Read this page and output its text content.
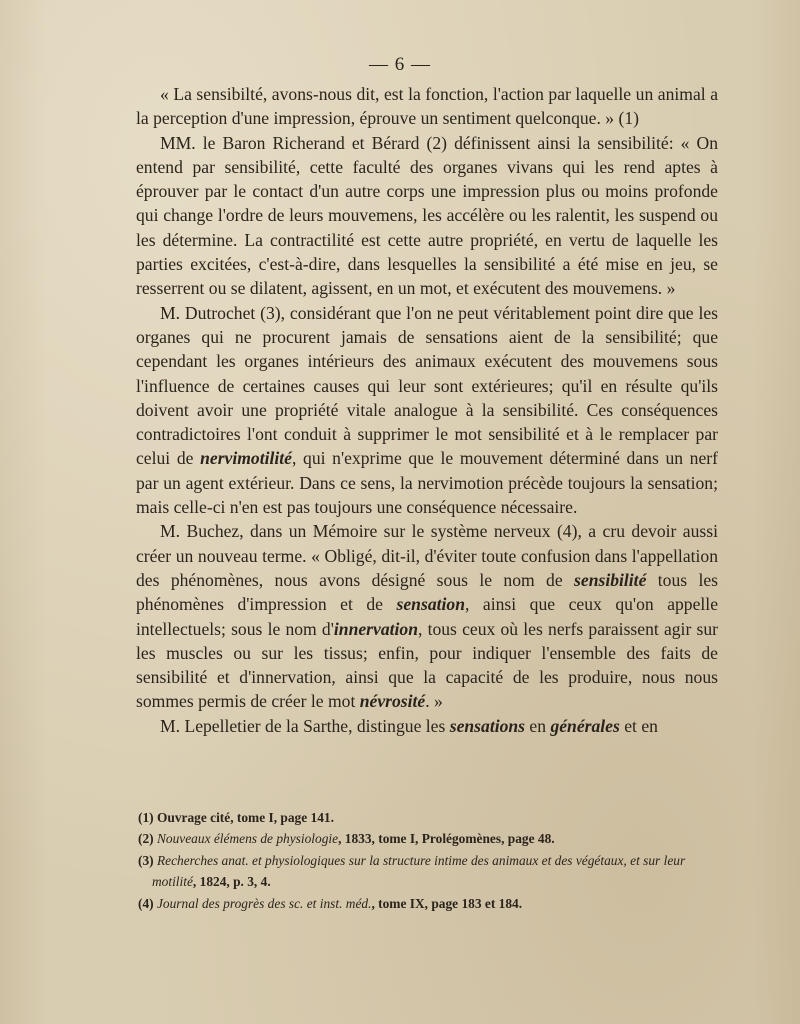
— 6 —

« La sensibilté, avons-nous dit, est la fonction, l'action par laquelle un animal a la perception d'une impression, éprouve un sentiment quelconque. » (1)

MM. le Baron Richerand et Bérard (2) définissent ainsi la sensibilité: « On entend par sensibilité, cette faculté des organes vivans qui les rend aptes à éprouver par le contact d'un autre corps une impression plus ou moins profonde qui change l'ordre de leurs mouvemens, les accélère ou les ralentit, les suspend ou les détermine. La contractilité est cette autre propriété, en vertu de laquelle les parties excitées, c'est-à-dire, dans lesquelles la sensibilité a été mise en jeu, se resserrent ou se dilatent, agissent, en un mot, et exécutent des mouvemens. »

M. Dutrochet (3), considérant que l'on ne peut véritablement point dire que les organes qui ne procurent jamais de sensations aient de la sensibilité; que cependant les organes intérieurs des animaux exécutent des mouvemens sous l'influence de certaines causes qui leur sont extérieures; qu'il en résulte qu'ils doivent avoir une propriété vitale analogue à la sensibilité. Ces conséquences contradictoires l'ont conduit à supprimer le mot sensibilité et à le remplacer par celui de nervimotilité, qui n'exprime que le mouvement déterminé dans un nerf par un agent extérieur. Dans ce sens, la nervimotion précède toujours la sensation; mais celle-ci n'en est pas toujours une conséquence nécessaire.

M. Buchez, dans un Mémoire sur le système nerveux (4), a cru devoir aussi créer un nouveau terme. « Obligé, dit-il, d'éviter toute confusion dans l'appellation des phénomènes, nous avons désigné sous le nom de sensibilité tous les phénomènes d'impression et de sensation, ainsi que ceux qu'on appelle intellectuels; sous le nom d'innervation, tous ceux où les nerfs paraissent agir sur les muscles ou sur les tissus; enfin, pour indiquer l'ensemble des faits de sensibilité et d'innervation, ainsi que la capacité de les produire, nous nous sommes permis de créer le mot névrosité. »

M. Lepelletier de la Sarthe, distingue les sensations en générales et en

(1) Ouvrage cité, tome I, page 141.

(2) Nouveaux élémens de physiologie, 1833, tome I, Prolégomènes, page 48.

(3) Recherches anat. et physiologiques sur la structure intime des animaux et des végétaux, et sur leur motilité, 1824, p. 3, 4.

(4) Journal des progrès des sc. et inst. méd., tome IX, page 183 et 184.
